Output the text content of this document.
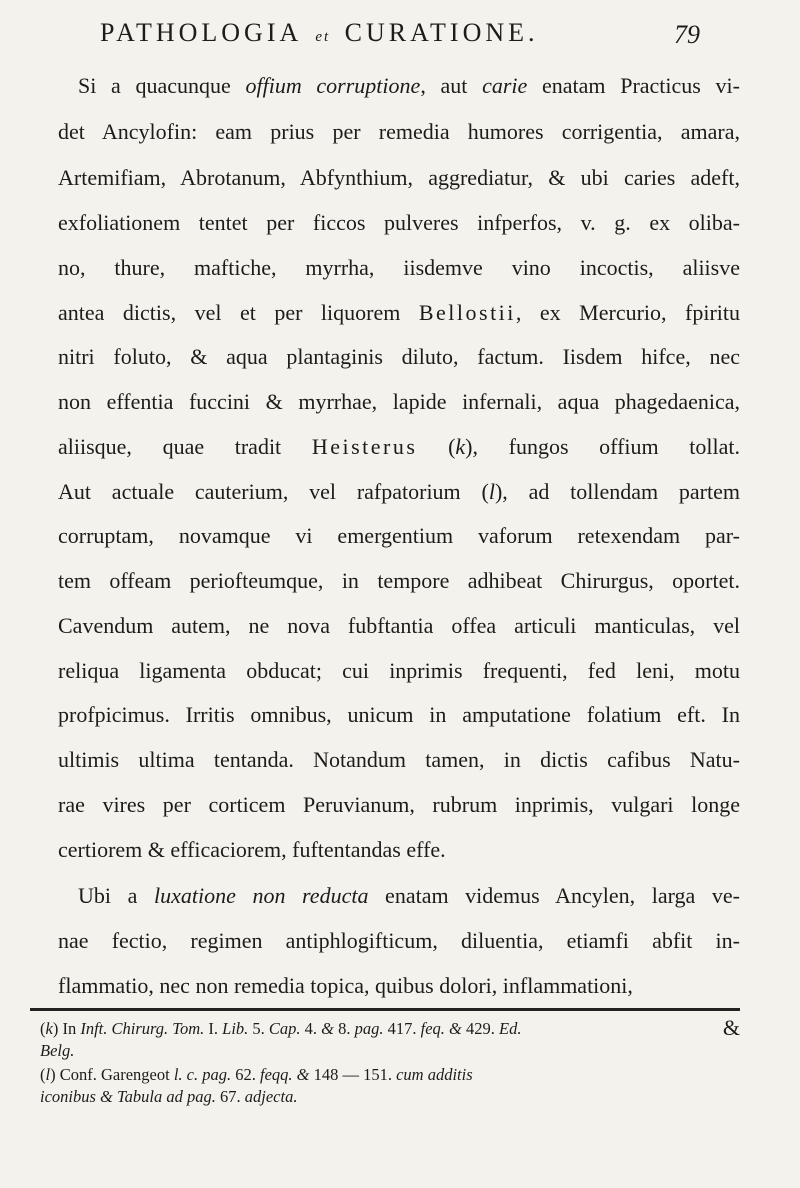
PATHOLOGIA et CURATIONE.	79
Si a quacunque offium corruptione, aut carie enatam Practicus vi-
det Ancylofin: eam prius per remedia humores corrigentia, amara,
Artemifiam, Abrotanum, Abfynthium, aggrediatur, & ubi caries adeft,
exfoliationem tentet per ficcos pulveres infperfos, v. g. ex oliba-
no, thure, maftiche, myrrha, iisdemve vino incoctis, aliisve
antea dictis, vel et per liquorem Bellostii, ex Mercurio, fpiritu
nitri foluto, & aqua plantaginis diluto, factum. Iisdem hifce, nec
non effentia fuccini & myrrhae, lapide infernali, aqua phagedaenica,
aliisque, quae tradit Heisterus (k), fungos offium tollat.
Aut actuale cauterium, vel rafpatorium (l), ad tollendam partem
corruptam, novamque vi emergentium vaforum retexendam par-
tem offeam periofteumque, in tempore adhibeat Chirurgus, oportet.
Cavendum autem, ne nova fubftantia offea articuli manticulas, vel
reliqua ligamenta obducat; cui inprimis frequenti, fed leni, motu
profpicimus. Irritis omnibus, unicum in amputatione folatium eft. In
ultimis ultima tentanda. Notandum tamen, in dictis cafibus Natu-
rae vires per corticem Peruvianum, rubrum inprimis, vulgari longe
certiorem & efficaciorem, fuftentandas effe.
Ubi a luxatione non reducta enatam videmus Ancylen, larga ve-
nae fectio, regimen antiphlogifticum, diluentia, etiamfi abfit in-
flammatio, nec non remedia topica, quibus dolori, inflammationi,
&
(k) In Inft. Chirurg. Tom. I. Lib. 5. Cap. 4. & 8. pag. 417. feq. & 429. Ed.
Belg.
(l) Conf. Garengeot l. c. pag. 62. feqq. & 148 — 151. cum additis
iconibus & Tabula ad pag. 67. adjecta.
